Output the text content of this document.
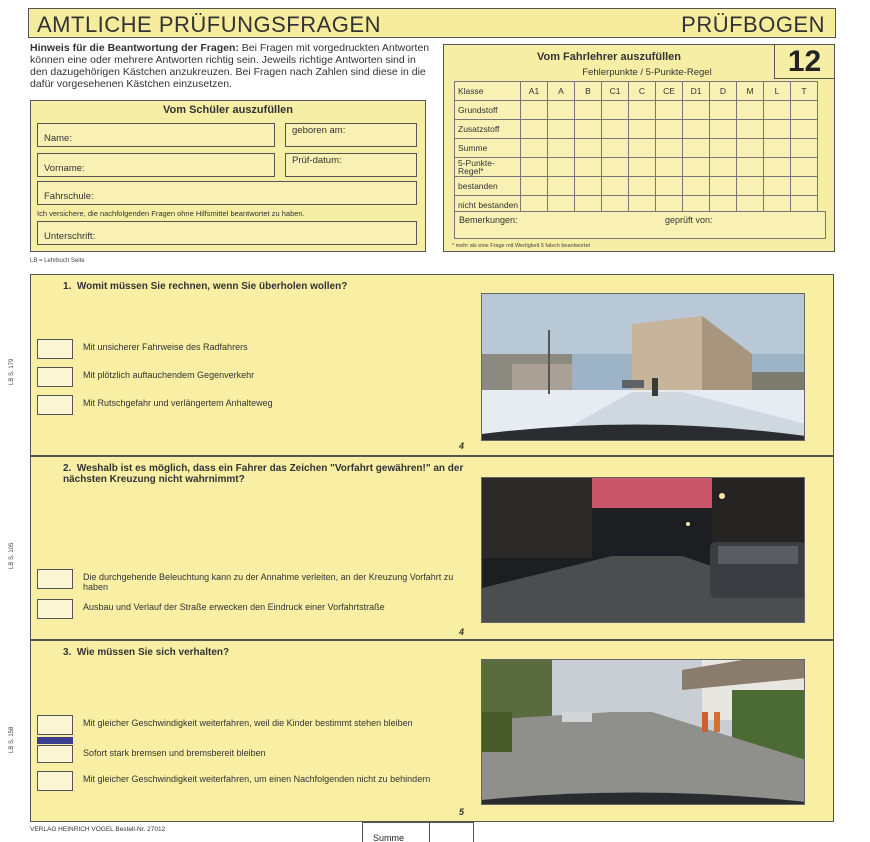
AMTLICHE PRÜFUNGSFRAGEN	PRÜFBOGEN
Hinweis für die Beantwortung der Fragen: Bei Fragen mit vorgedruckten Antworten können eine oder mehrere Antworten richtig sein. Jeweils richtige Antworten sind in den dazugehörigen Kästchen anzukreuzen. Bei Fragen nach Zahlen sind diese in die dafür vorgesehenen Kästchen einzusetzen.
Vom Schüler auszufüllen
Name:
geboren am:
Vorname:
Prüf-datum:
Fahrschule:
Ich versichere, die nachfolgenden Fragen ohne Hilfsmittel beantwortet zu haben.
Unterschrift:
Vom Fahrlehrer auszufüllen	12
Fehlerpunkte / 5-Punkte-Regel
Klasse	A1	A	B	C1	C	CE	D1	D	M	L	T
Grundstoff											
Zusatzstoff											
Summe											
5-Punkte-Regel*											
bestanden											
nicht bestanden											
Bemerkungen:	geprüft von:
* mehr als eine Frage mit Wertigkeit 5 falsch beantwortet
LB = Lehrbuch Seite
1. Womit müssen Sie rechnen, wenn Sie überholen wollen?
LB S. 179
Mit unsicherer Fahrweise des Radfahrers
Mit plötzlich auftauchendem Gegenverkehr
Mit Rutschgefahr und verlängertem Anhalteweg
4
2. Weshalb ist es möglich, dass ein Fahrer das Zeichen "Vorfahrt gewähren!" an der nächsten Kreuzung nicht wahrnimmt?
LB S. 105
Die durchgehende Beleuchtung kann zu der Annahme verleiten, an der Kreuzung Vorfahrt zu haben
Ausbau und Verlauf der Straße erwecken den Eindruck einer Vorfahrtstraße
4
3. Wie müssen Sie sich verhalten?
LB S. 158
Mit gleicher Geschwindigkeit weiterfahren, weil die Kinder bestimmt stehen bleiben
Sofort stark bremsen und bremsbereit bleiben
Mit gleicher Geschwindigkeit weiterfahren, um einen Nachfolgenden nicht zu behindern
5
VERLAG HEINRICH VOGEL Bestell-Nr. 27012
Summe
